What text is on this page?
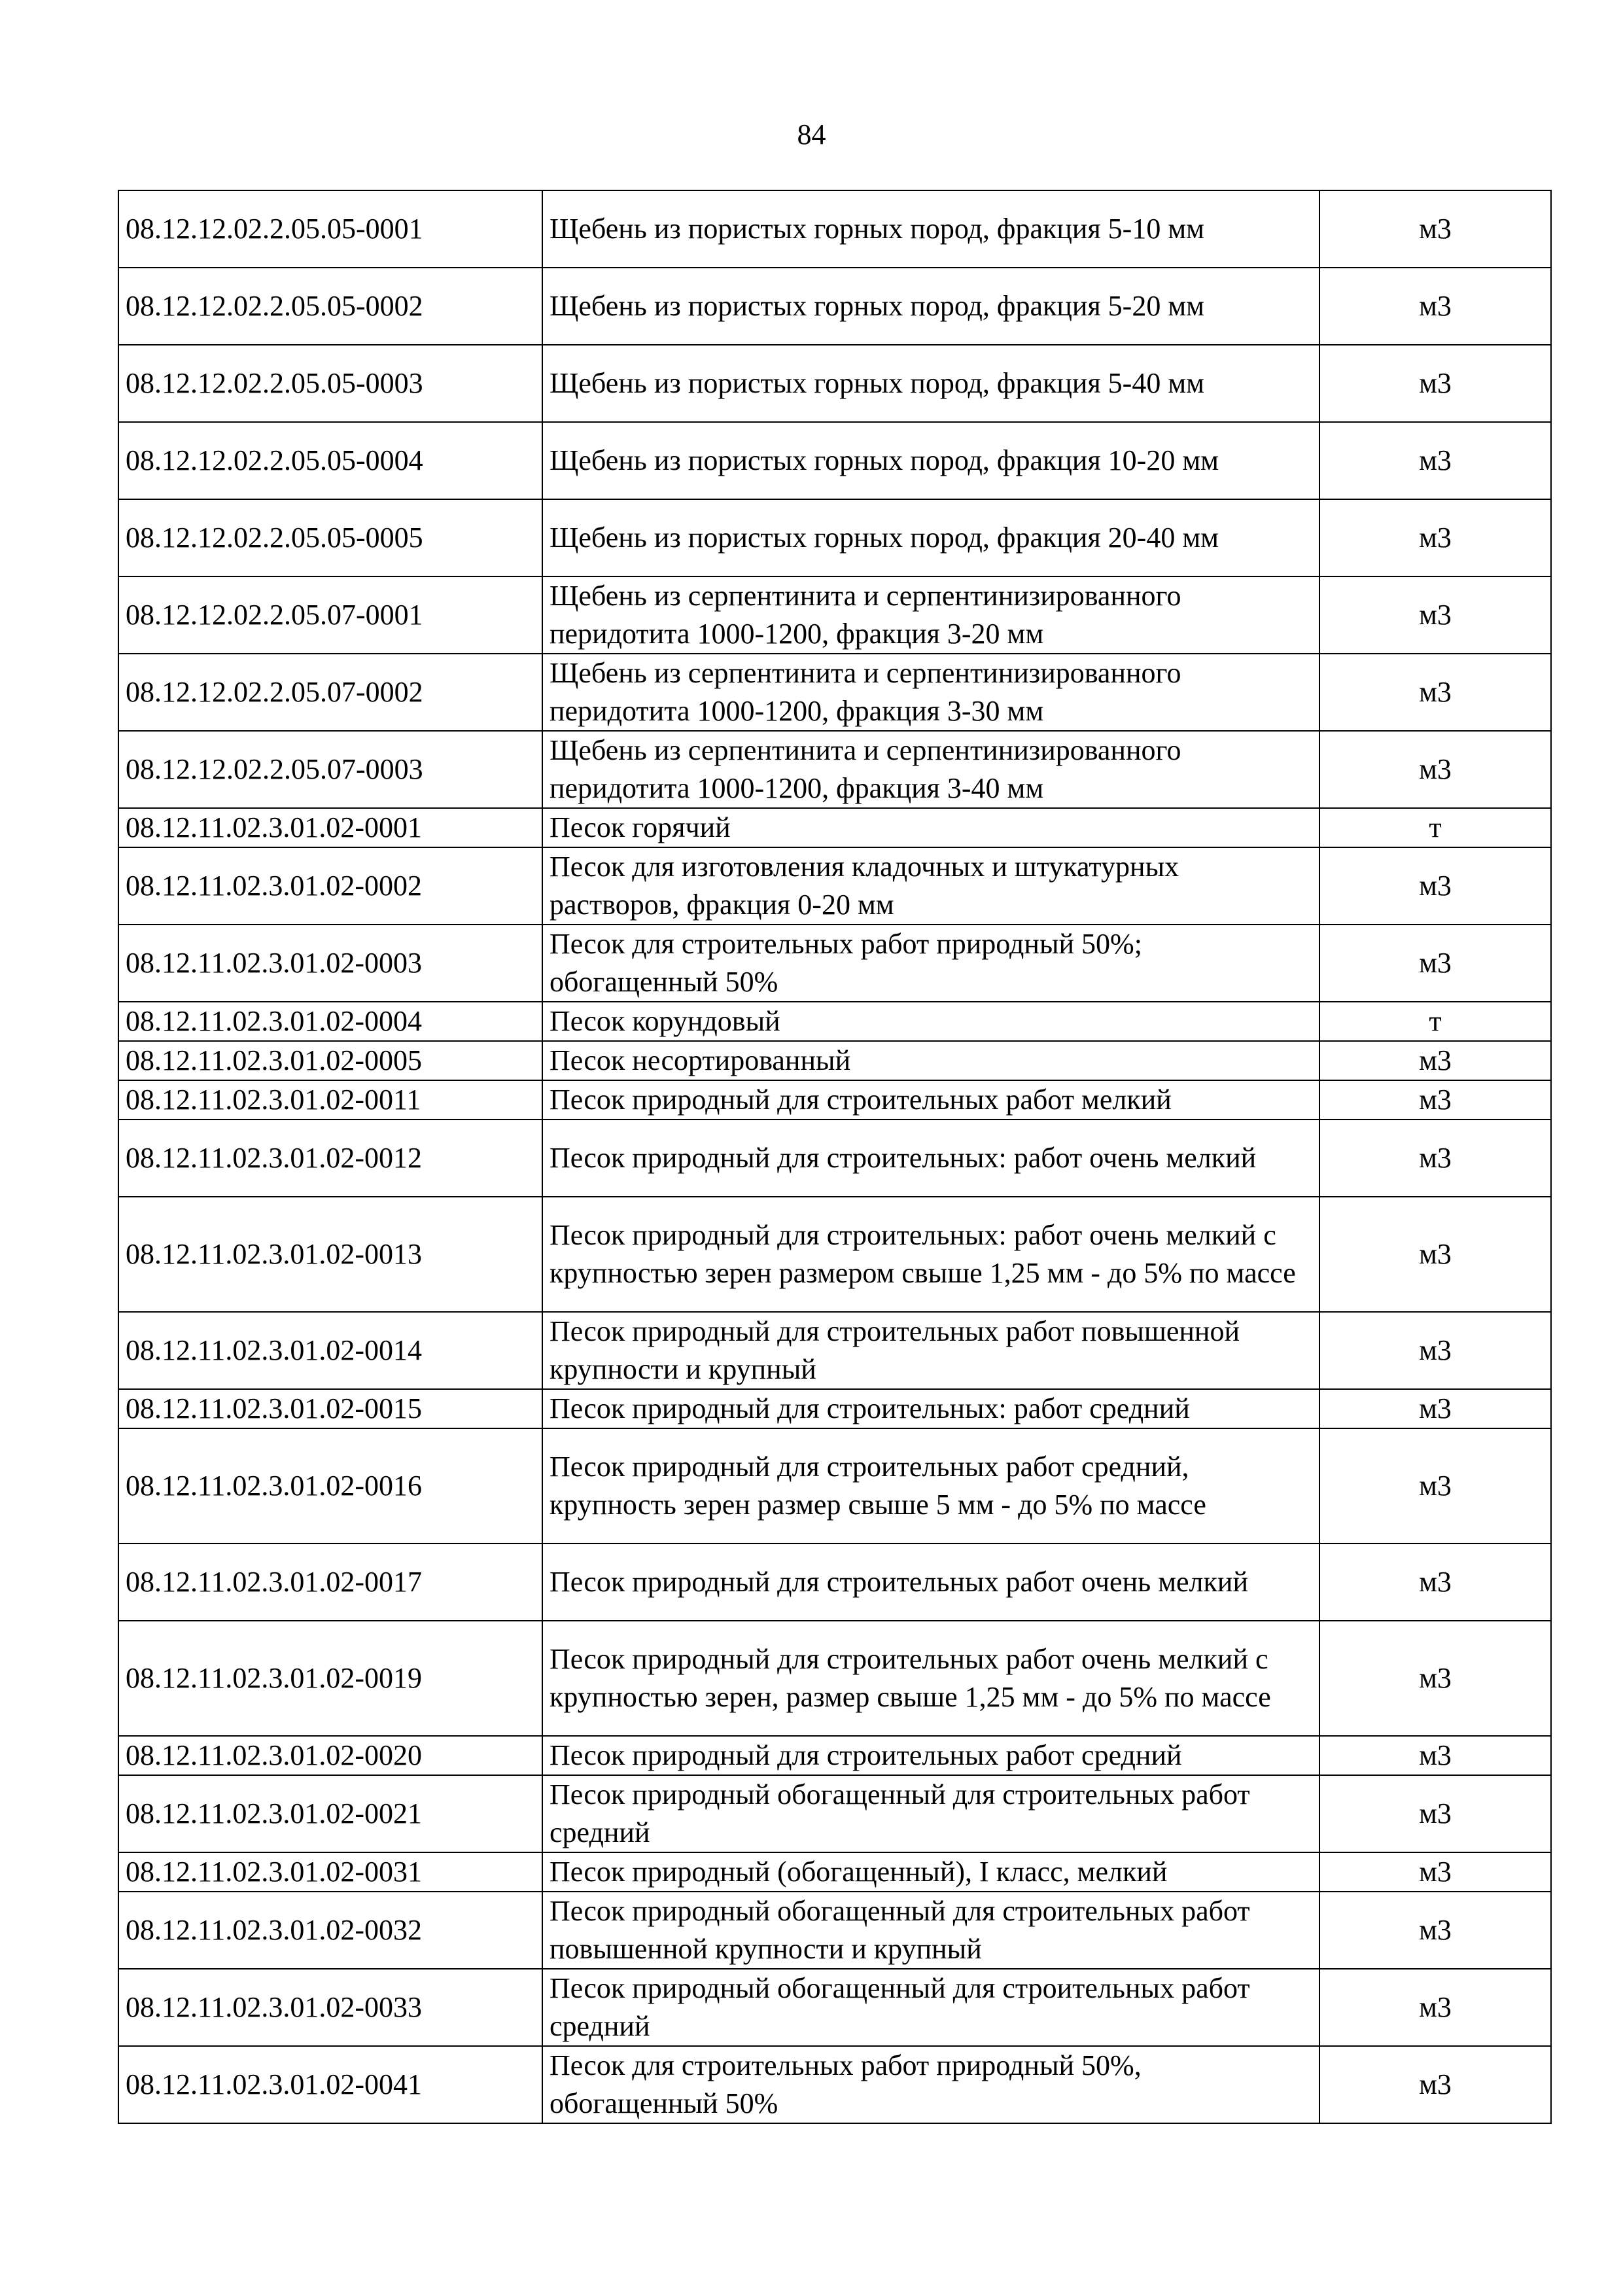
84
08.12.12.02.2.05.05-0001	Щебень из пористых горных пород, фракция 5-10 мм	м3
08.12.12.02.2.05.05-0002	Щебень из пористых горных пород, фракция 5-20 мм	м3
08.12.12.02.2.05.05-0003	Щебень из пористых горных пород, фракция 5-40 мм	м3
08.12.12.02.2.05.05-0004	Щебень из пористых горных пород, фракция 10-20 мм	м3
08.12.12.02.2.05.05-0005	Щебень из пористых горных пород, фракция 20-40 мм	м3
08.12.12.02.2.05.07-0001	Щебень из серпентинита и серпентинизированного перидотита 1000-1200, фракция 3-20 мм	м3
08.12.12.02.2.05.07-0002	Щебень из серпентинита и серпентинизированного перидотита 1000-1200, фракция 3-30 мм	м3
08.12.12.02.2.05.07-0003	Щебень из серпентинита и серпентинизированного перидотита 1000-1200, фракция 3-40 мм	м3
08.12.11.02.3.01.02-0001	Песок горячий	т
08.12.11.02.3.01.02-0002	Песок для изготовления кладочных и штукатурных растворов, фракция 0-20 мм	м3
08.12.11.02.3.01.02-0003	Песок для строительных работ природный 50%; обогащенный 50%	м3
08.12.11.02.3.01.02-0004	Песок корундовый	т
08.12.11.02.3.01.02-0005	Песок несортированный	м3
08.12.11.02.3.01.02-0011	Песок природный для строительных работ мелкий	м3
08.12.11.02.3.01.02-0012	Песок природный для строительных: работ очень мелкий	м3
08.12.11.02.3.01.02-0013	Песок природный для строительных: работ очень мелкий с крупностью зерен размером свыше 1,25 мм - до 5% по массе	м3
08.12.11.02.3.01.02-0014	Песок природный для строительных работ повышенной крупности и крупный	м3
08.12.11.02.3.01.02-0015	Песок природный для строительных: работ средний	м3
08.12.11.02.3.01.02-0016	Песок природный для строительных работ средний, крупность зерен размер свыше 5 мм - до 5% по массе	м3
08.12.11.02.3.01.02-0017	Песок природный для строительных работ очень мелкий	м3
08.12.11.02.3.01.02-0019	Песок природный для строительных работ очень мелкий с крупностью зерен, размер свыше 1,25 мм - до 5% по массе	м3
08.12.11.02.3.01.02-0020	Песок природный для строительных работ средний	м3
08.12.11.02.3.01.02-0021	Песок природный обогащенный для строительных работ средний	м3
08.12.11.02.3.01.02-0031	Песок природный (обогащенный), I класс, мелкий	м3
08.12.11.02.3.01.02-0032	Песок природный обогащенный для строительных работ повышенной крупности и крупный	м3
08.12.11.02.3.01.02-0033	Песок природный обогащенный для строительных работ средний	м3
08.12.11.02.3.01.02-0041	Песок для строительных работ природный 50%, обогащенный 50%	м3
